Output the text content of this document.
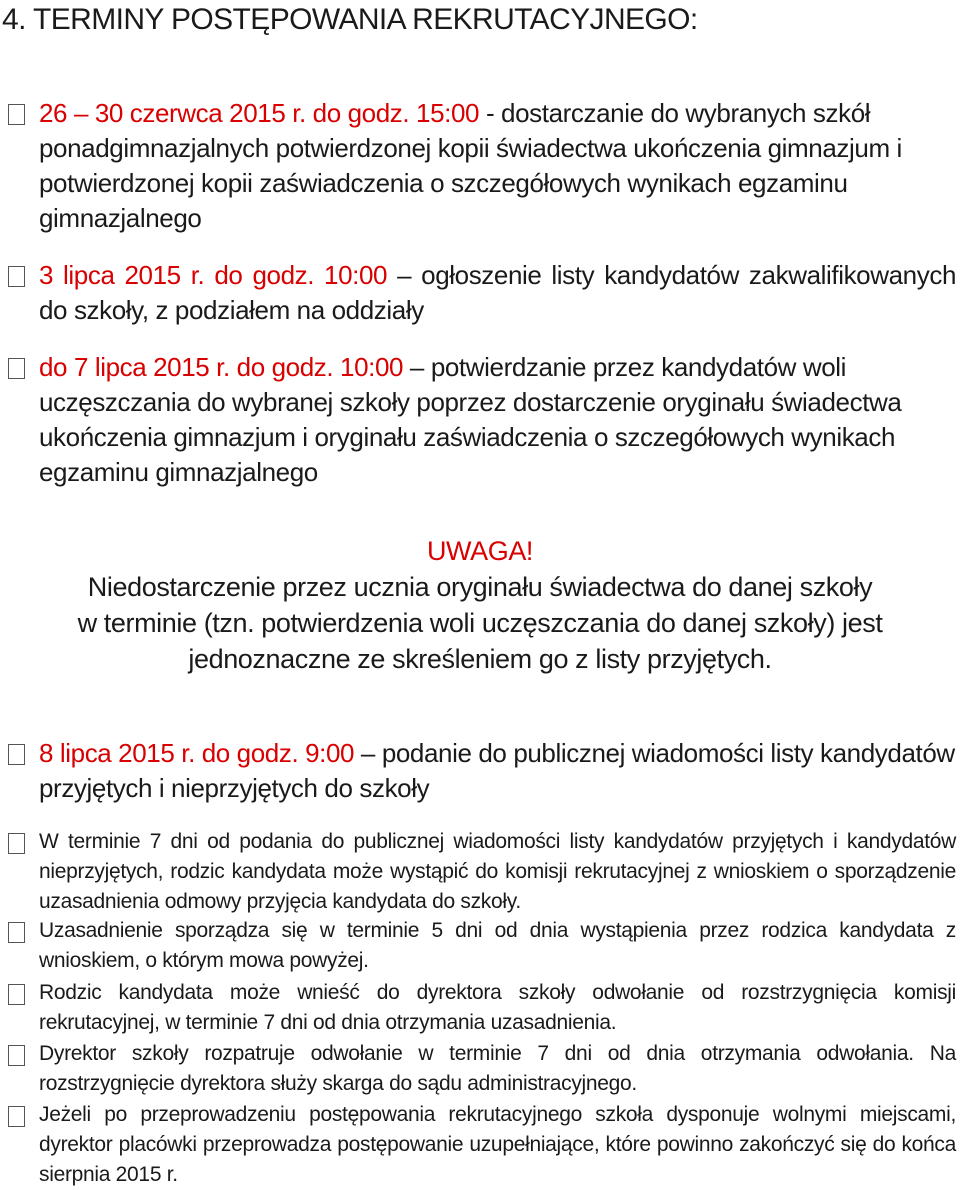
4. TERMINY POSTĘPOWANIA REKRUTACYJNEGO:
26 – 30 czerwca 2015 r. do godz. 15:00 - dostarczanie do wybranych szkół ponadgimnazjalnych potwierdzonej kopii świadectwa ukończenia gimnazjum i potwierdzonej kopii zaświadczenia o szczegółowych wynikach egzaminu gimnazjalnego
3 lipca 2015 r. do godz. 10:00 – ogłoszenie listy kandydatów zakwalifikowanych do szkoły, z podziałem na oddziały
do 7 lipca 2015 r. do godz. 10:00 – potwierdzanie przez kandydatów woli uczęszczania do wybranej szkoły poprzez dostarczenie oryginału świadectwa ukończenia gimnazjum i oryginału zaświadczenia o szczegółowych wynikach egzaminu gimnazjalnego
UWAGA!
Niedostarczenie przez ucznia oryginału świadectwa do danej szkoły
w terminie (tzn. potwierdzenia woli uczęszczania do danej szkoły) jest
jednoznaczne ze skreśleniem go z listy przyjętych.
8 lipca 2015 r. do godz. 9:00 – podanie do publicznej wiadomości listy kandydatów przyjętych i nieprzyjętych do szkoły
W terminie 7 dni od podania do publicznej wiadomości listy kandydatów przyjętych i kandydatów nieprzyjętych, rodzic kandydata może wystąpić do komisji rekrutacyjnej z wnioskiem o sporządzenie uzasadnienia odmowy przyjęcia kandydata do szkoły.
Uzasadnienie sporządza się w terminie 5 dni od dnia wystąpienia przez rodzica kandydata z wnioskiem, o którym mowa powyżej.
Rodzic kandydata może wnieść do dyrektora szkoły odwołanie od rozstrzygnięcia komisji rekrutacyjnej, w terminie 7 dni od dnia otrzymania uzasadnienia.
Dyrektor szkoły rozpatruje odwołanie w terminie 7 dni od dnia otrzymania odwołania. Na rozstrzygnięcie dyrektora służy skarga do sądu administracyjnego.
Jeżeli po przeprowadzeniu postępowania rekrutacyjnego szkoła dysponuje wolnymi miejscami, dyrektor placówki przeprowadza postępowanie uzupełniające, które powinno zakończyć się do końca sierpnia 2015 r.
